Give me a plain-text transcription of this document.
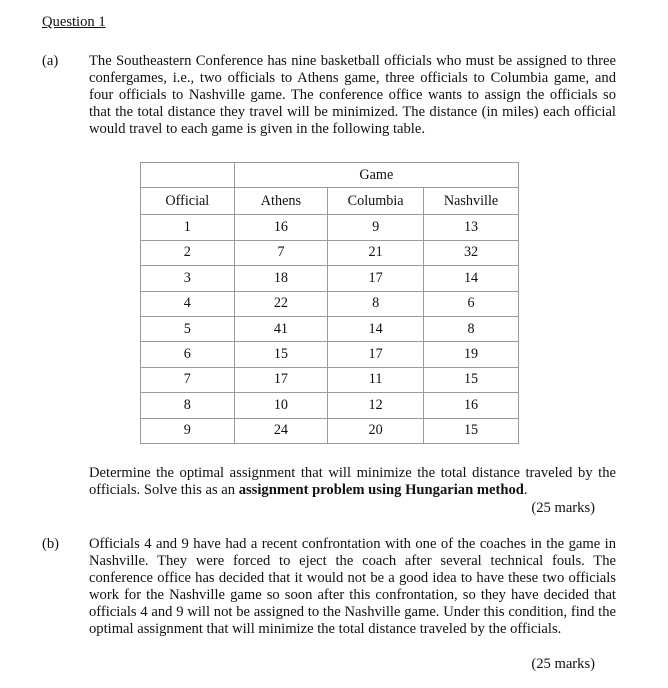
Question 1
(a) The Southeastern Conference has nine basketball officials who must be assigned to three confergames, i.e., two officials to Athens game, three officials to Columbia game, and four officials to Nashville game. The conference office wants to assign the officials so that the total distance they travel will be minimized. The distance (in miles) each official would travel to each game is given in the following table.

	Game		
Official	Athens	Columbia	Nashville
1	16	9	13
2	7	21	32
3	18	17	14
4	22	8	6
5	41	14	8
6	15	17	19
7	17	11	15
8	10	12	16
9	24	20	15

Determine the optimal assignment that will minimize the total distance traveled by the officials. Solve this as an assignment problem using Hungarian method.

(25 marks)
(b) Officials 4 and 9 have had a recent confrontation with one of the coaches in the game in Nashville. They were forced to eject the coach after several technical fouls. The conference office has decided that it would not be a good idea to have these two officials work for the Nashville game so soon after this confrontation, so they have decided that officials 4 and 9 will not be assigned to the Nashville game. Under this condition, find the optimal assignment that will minimize the total distance traveled by the officials.

(25 marks)
